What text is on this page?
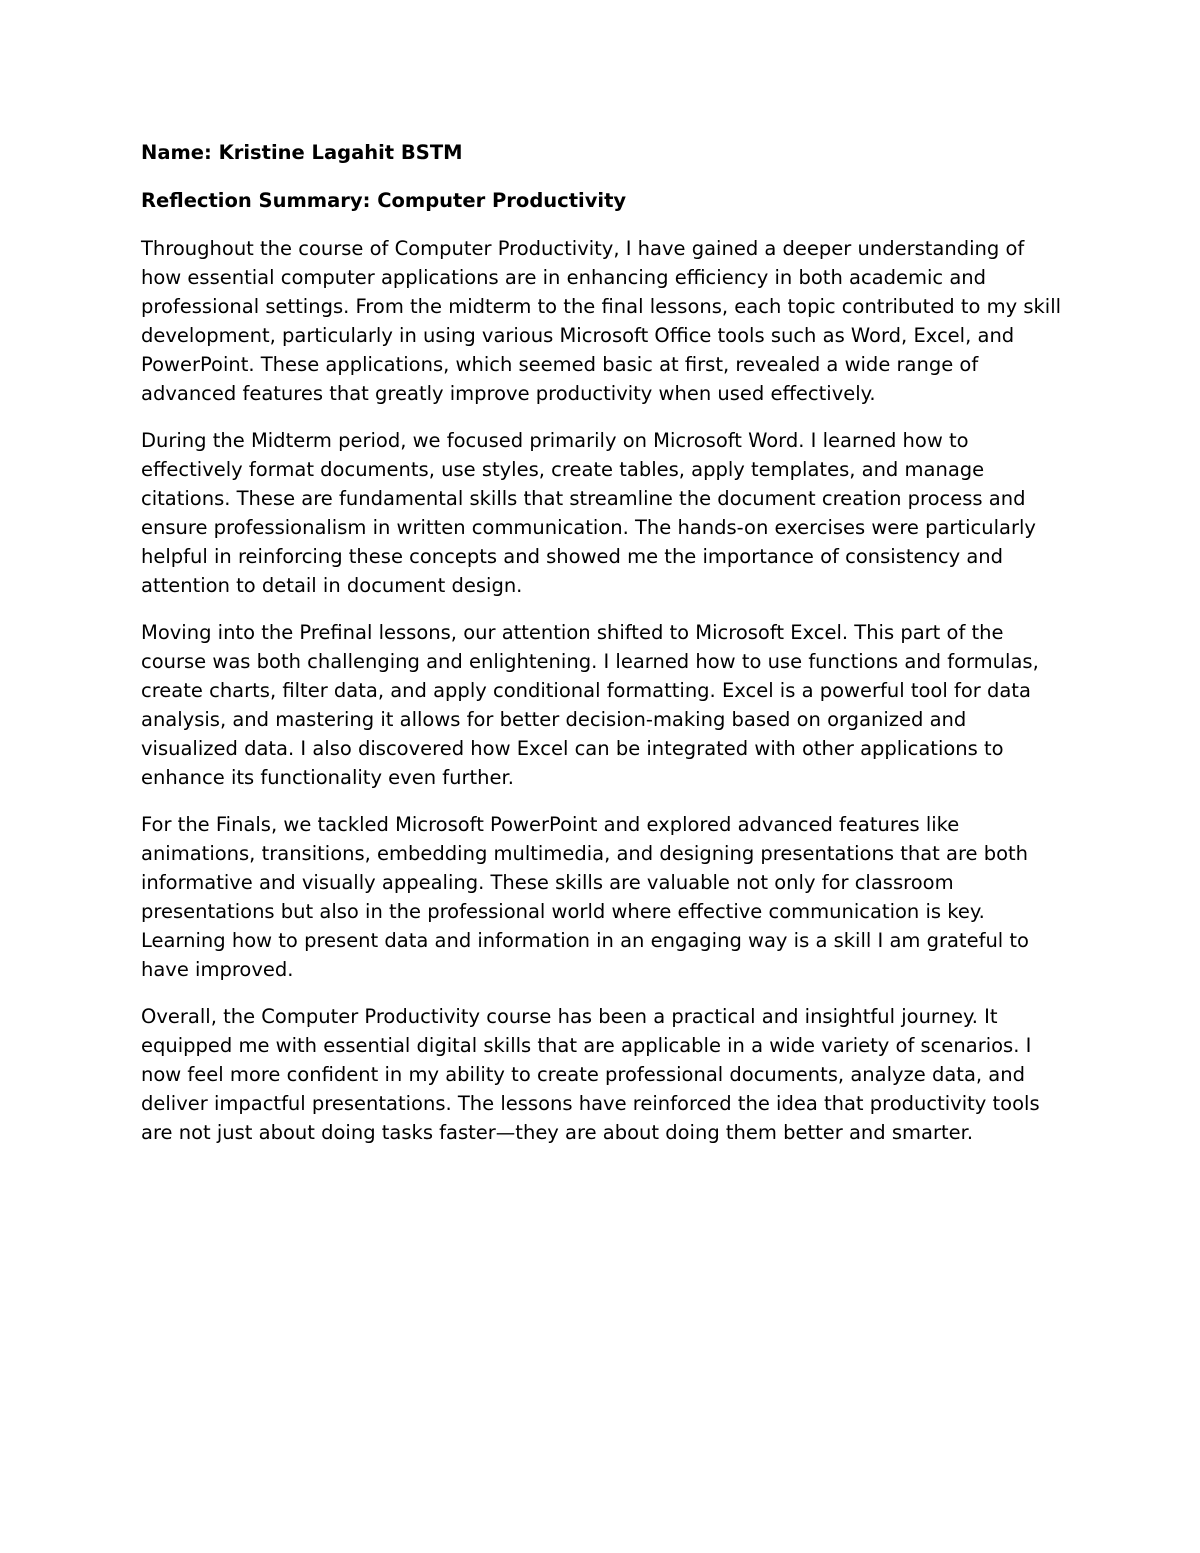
Name: Kristine Lagahit BSTM

Reflection Summary: Computer Productivity

Throughout the course of Computer Productivity, I have gained a deeper understanding of how essential computer applications are in enhancing efficiency in both academic and professional settings. From the midterm to the final lessons, each topic contributed to my skill development, particularly in using various Microsoft Office tools such as Word, Excel, and PowerPoint. These applications, which seemed basic at first, revealed a wide range of advanced features that greatly improve productivity when used effectively.

During the Midterm period, we focused primarily on Microsoft Word. I learned how to effectively format documents, use styles, create tables, apply templates, and manage citations. These are fundamental skills that streamline the document creation process and ensure professionalism in written communication. The hands-on exercises were particularly helpful in reinforcing these concepts and showed me the importance of consistency and attention to detail in document design.

Moving into the Prefinal lessons, our attention shifted to Microsoft Excel. This part of the course was both challenging and enlightening. I learned how to use functions and formulas, create charts, filter data, and apply conditional formatting. Excel is a powerful tool for data analysis, and mastering it allows for better decision-making based on organized and visualized data. I also discovered how Excel can be integrated with other applications to enhance its functionality even further.

For the Finals, we tackled Microsoft PowerPoint and explored advanced features like animations, transitions, embedding multimedia, and designing presentations that are both informative and visually appealing. These skills are valuable not only for classroom presentations but also in the professional world where effective communication is key. Learning how to present data and information in an engaging way is a skill I am grateful to have improved.

Overall, the Computer Productivity course has been a practical and insightful journey. It equipped me with essential digital skills that are applicable in a wide variety of scenarios. I now feel more confident in my ability to create professional documents, analyze data, and deliver impactful presentations. The lessons have reinforced the idea that productivity tools are not just about doing tasks faster—they are about doing them better and smarter.
